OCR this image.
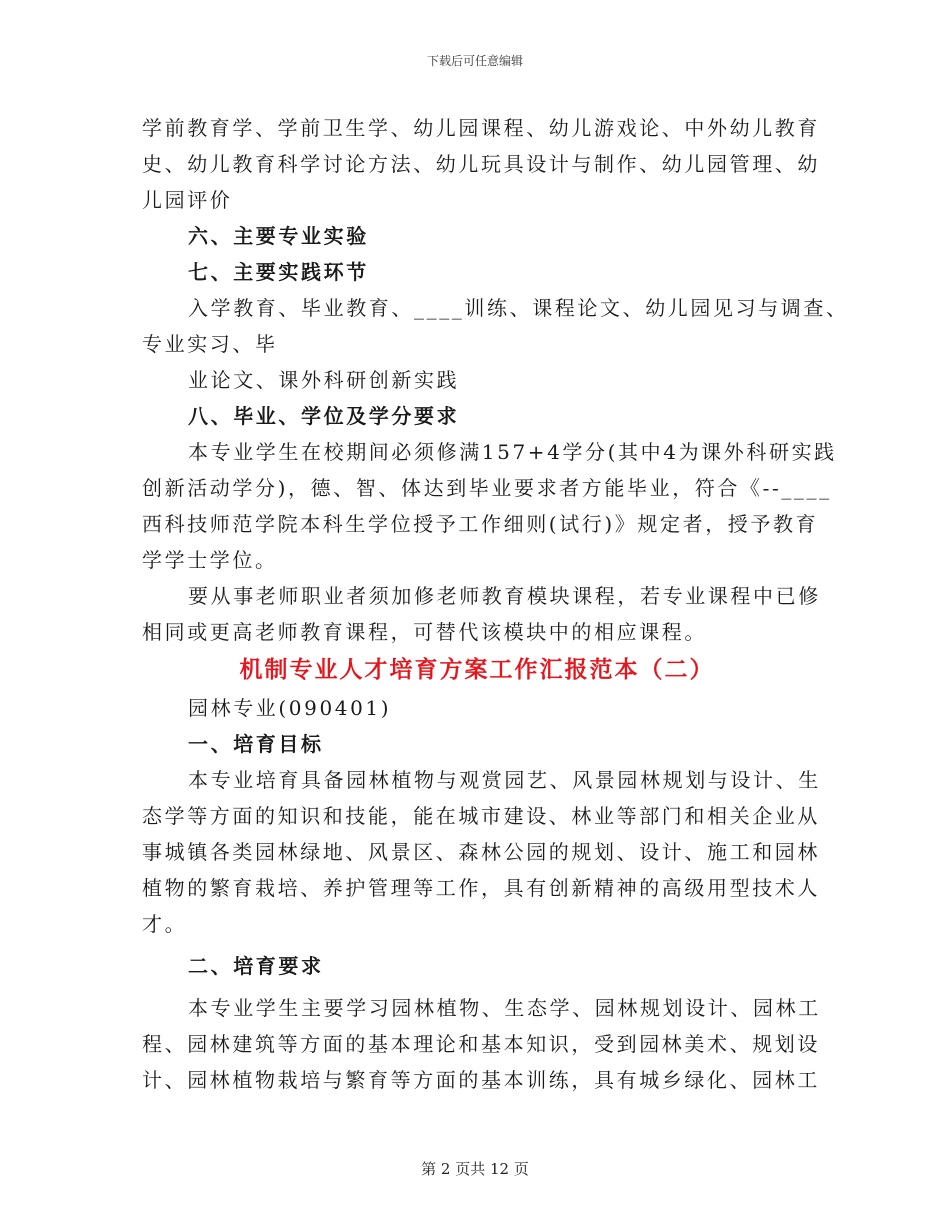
下载后可任意编辑
学前教育学、学前卫生学、幼儿园课程、幼儿游戏论、中外幼儿教育
史、幼儿教育科学讨论方法、幼儿玩具设计与制作、幼儿园管理、幼
儿园评价
六、主要专业实验
七、主要实践环节
入学教育、毕业教育、____训练、课程论文、幼儿园见习与调查、
专业实习、毕
业论文、课外科研创新实践
八、毕业、学位及学分要求
本专业学生在校期间必须修满157+4学分(其中4为课外科研实践
创新活动学分)，德、智、体达到毕业要求者方能毕业，符合《--____
西科技师范学院本科生学位授予工作细则(试行)》规定者，授予教育
学学士学位。
要从事老师职业者须加修老师教育模块课程，若专业课程中已修
相同或更高老师教育课程，可替代该模块中的相应课程。
机制专业人才培育方案工作汇报范本（二）
园林专业(090401)
一、培育目标
本专业培育具备园林植物与观赏园艺、风景园林规划与设计、生
态学等方面的知识和技能，能在城市建设、林业等部门和相关企业从
事城镇各类园林绿地、风景区、森林公园的规划、设计、施工和园林
植物的繁育栽培、养护管理等工作，具有创新精神的高级用型技术人
才。
二、培育要求
本专业学生主要学习园林植物、生态学、园林规划设计、园林工
程、园林建筑等方面的基本理论和基本知识，受到园林美术、规划设
计、园林植物栽培与繁育等方面的基本训练，具有城乡绿化、园林工
第 2 页共 12 页
